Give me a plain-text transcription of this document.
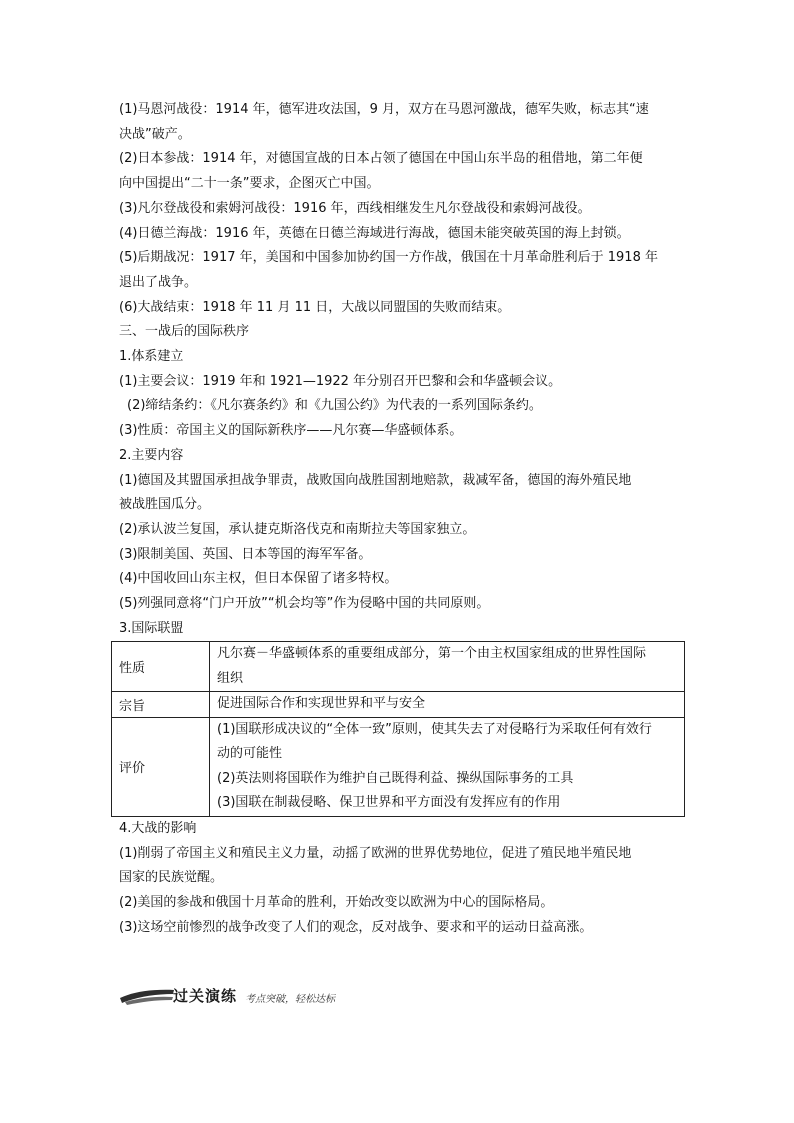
(1)马恩河战役：1914 年，德军进攻法国，9 月，双方在马恩河激战，德军失败，标志其“速
决战”破产。
(2)日本参战：1914 年，对德国宣战的日本占领了德国在中国山东半岛的租借地，第二年便
向中国提出“二十一条”要求，企图灭亡中国。
(3)凡尔登战役和索姆河战役：1916 年，西线相继发生凡尔登战役和索姆河战役。
(4)日德兰海战：1916 年，英德在日德兰海域进行海战，德国未能突破英国的海上封锁。
(5)后期战况：1917 年，美国和中国参加协约国一方作战，俄国在十月革命胜利后于 1918 年
退出了战争。
(6)大战结束：1918 年 11 月 11 日，大战以同盟国的失败而结束。
三、一战后的国际秩序
1.体系建立
(1)主要会议：1919 年和 1921—1922 年分别召开巴黎和会和华盛顿会议。
(2)缔结条约：《凡尔赛条约》和《九国公约》为代表的一系列国际条约。
(3)性质：帝国主义的国际新秩序——凡尔赛—华盛顿体系。
2.主要内容
(1)德国及其盟国承担战争罪责，战败国向战胜国割地赔款，裁减军备，德国的海外殖民地
被战胜国瓜分。
(2)承认波兰复国，承认捷克斯洛伐克和南斯拉夫等国家独立。
(3)限制美国、英国、日本等国的海军军备。
(4)中国收回山东主权，但日本保留了诸多特权。
(5)列强同意将“门户开放”“机会均等”作为侵略中国的共同原则。
3.国际联盟
性质	凡尔赛－华盛顿体系的重要组成部分，第一个由主权国家组成的世界性国际
组织

宗旨	促进国际合作和实现世界和平与安全

评价	(1)国联形成决议的“全体一致”原则，使其失去了对侵略行为采取任何有效行
动的可能性
(2)英法则将国联作为维护自己既得利益、操纵国际事务的工具
(3)国联在制裁侵略、保卫世界和平方面没有发挥应有的作用
4.大战的影响
(1)削弱了帝国主义和殖民主义力量，动摇了欧洲的世界优势地位，促进了殖民地半殖民地
国家的民族觉醒。
(2)美国的参战和俄国十月革命的胜利，开始改变以欧洲为中心的国际格局。
(3)这场空前惨烈的战争改变了人们的观念，反对战争、要求和平的运动日益高涨。
过关演练 考点突破，轻松达标
